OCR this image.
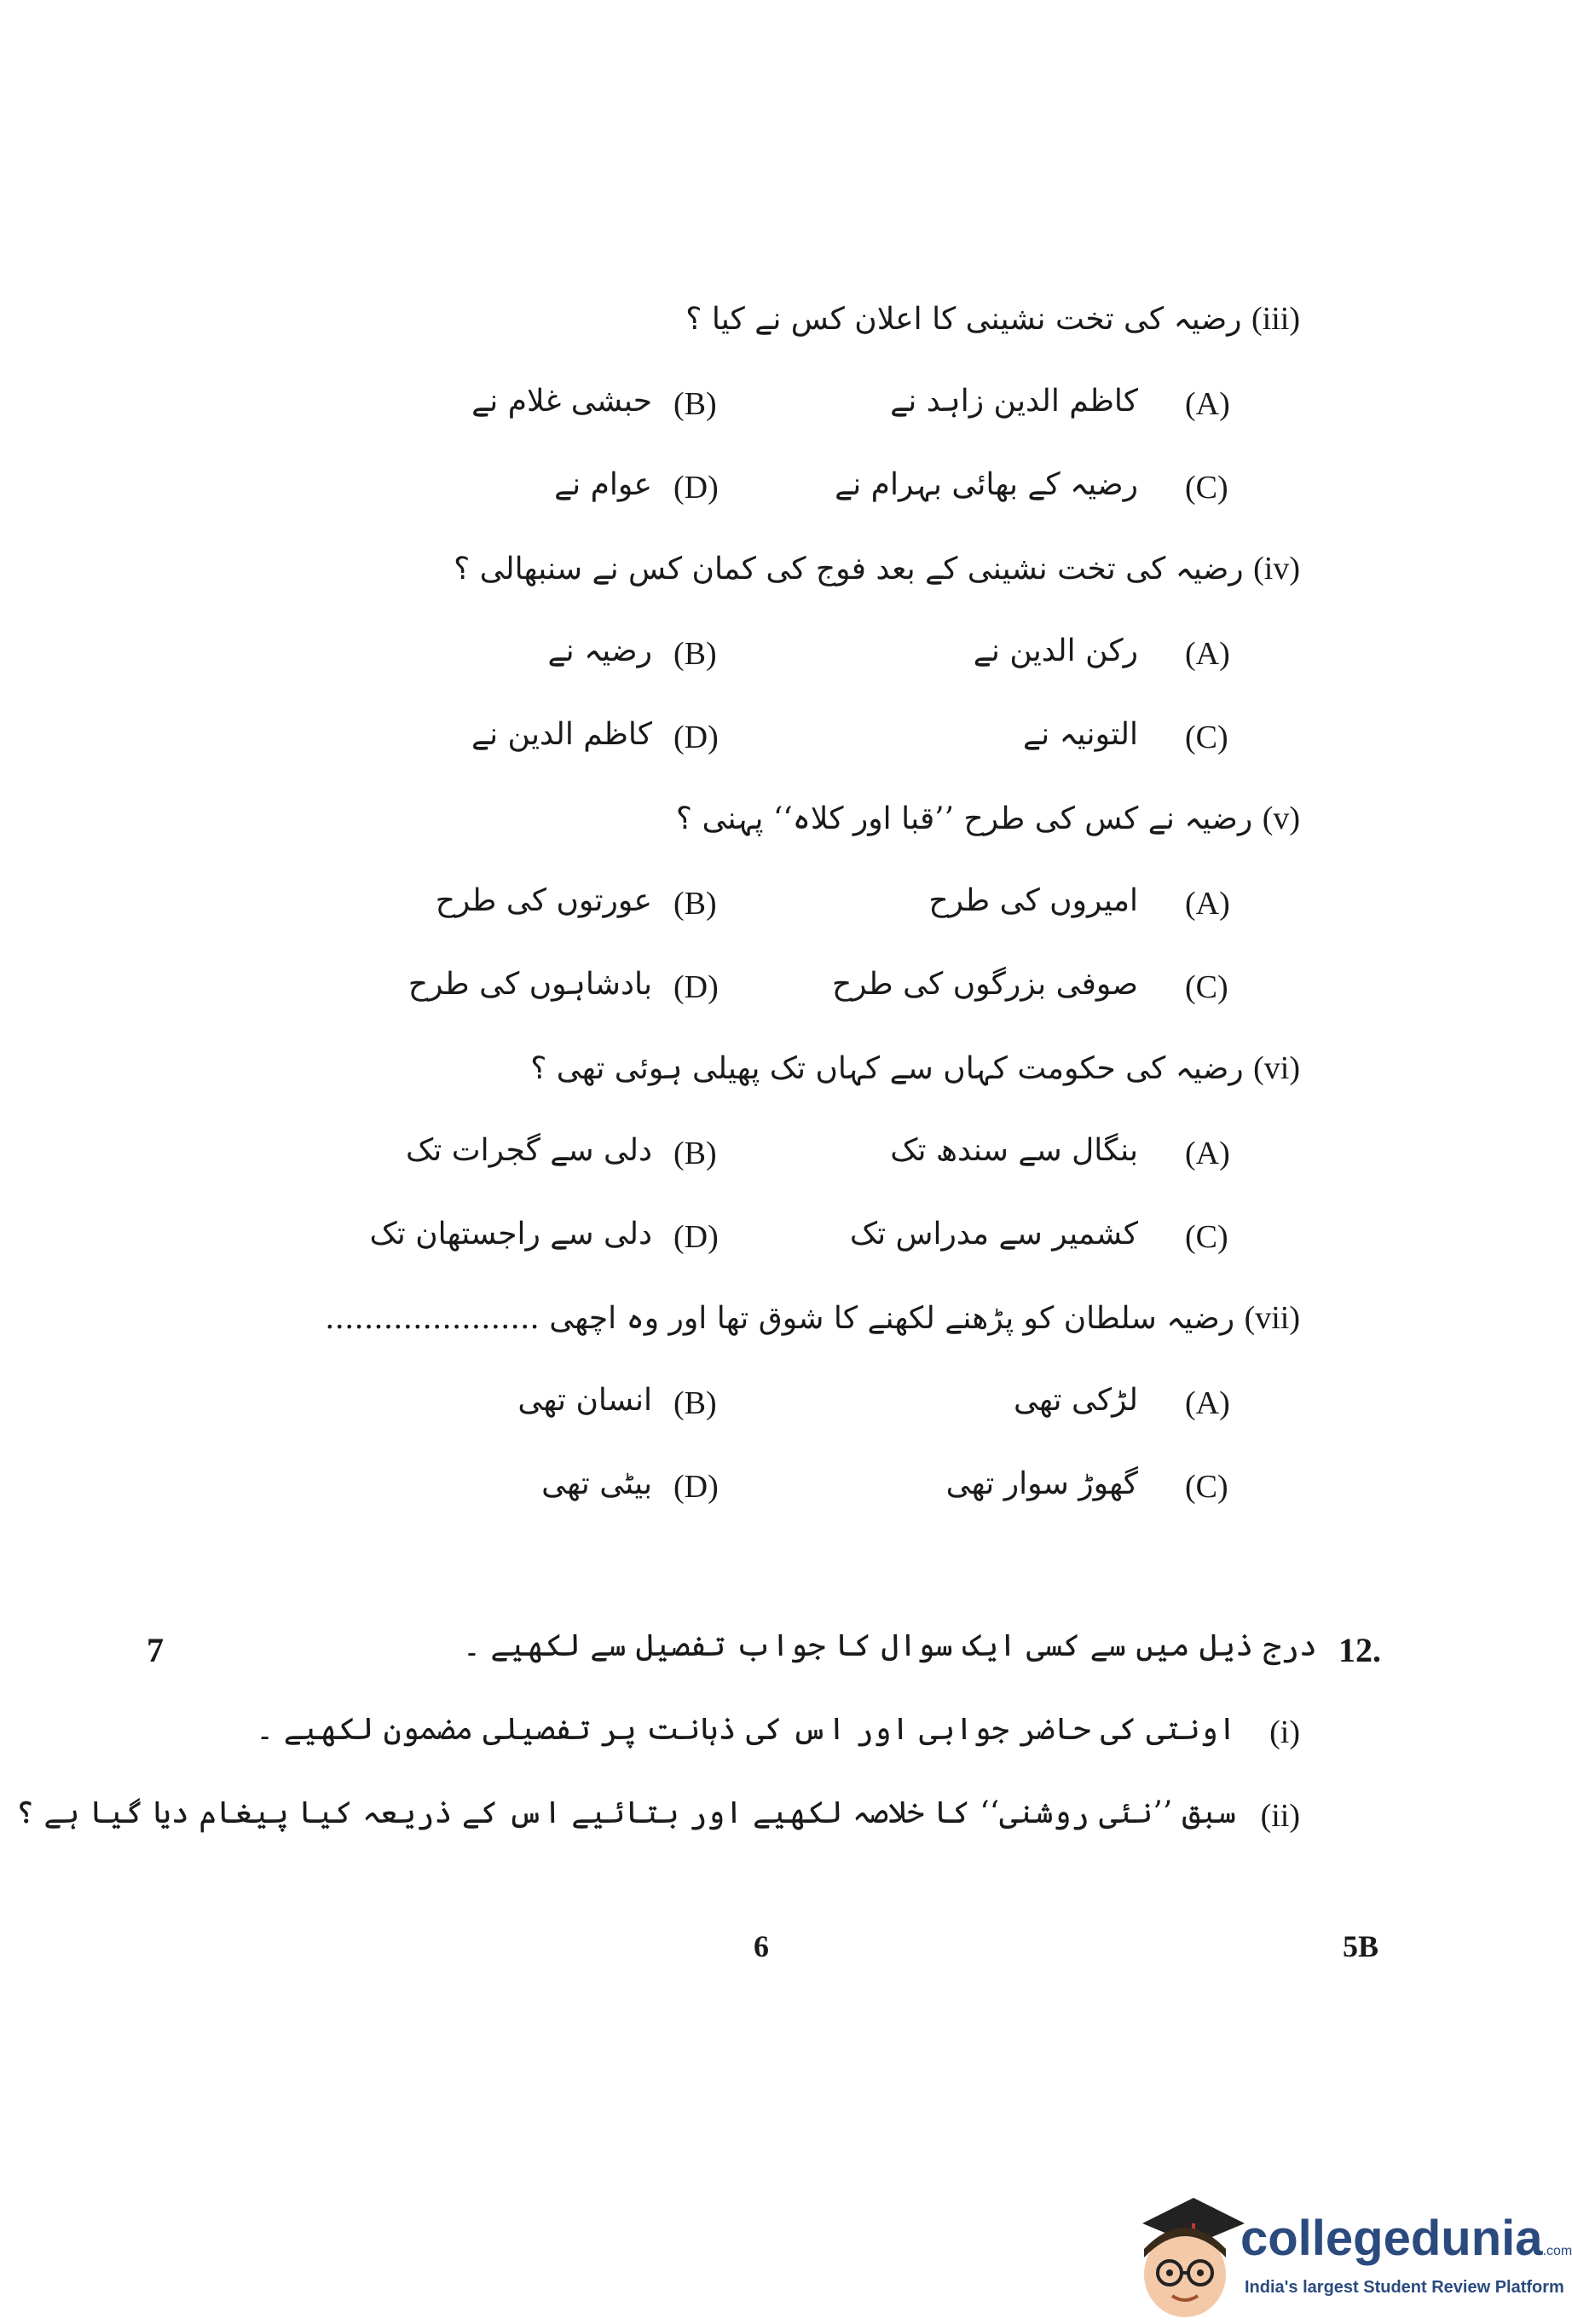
(iii) رضیہ کی تخت نشینی کا اعلان کس نے کیا ؟
(A)
کاظم الدین زاہد نے
(B)
حبشی غلام نے
(C)
رضیہ کے بھائی بہرام نے
(D)
عوام نے
(iv) رضیہ کی تخت نشینی کے بعد فوج کی کمان کس نے سنبھالی ؟
(A)
رکن الدین نے
(B)
رضیہ نے
(C)
التونیہ نے
(D)
کاظم الدین نے
(v) رضیہ نے کس کی طرح ’’قبا اور کلاہ‘‘ پہنی ؟
(A)
امیروں کی طرح
(B)
عورتوں کی طرح
(C)
صوفی بزرگوں کی طرح
(D)
بادشاہوں کی طرح
(vi) رضیہ کی حکومت کہاں سے کہاں تک پھیلی ہوئی تھی ؟
(A)
بنگال سے سندھ تک
(B)
دلی سے گجرات تک
(C)
کشمیر سے مدراس تک
(D)
دلی سے راجستھان تک
(vii) رضیہ سلطان کو پڑھنے لکھنے کا شوق تھا اور وہ اچھی ......................
(A)
لڑکی تھی
(B)
انسان تھی
(C)
گھوڑ سوار تھی
(D)
بیٹی تھی
7	12.
درج ذیل میں سے کسی ایک سوال کا جواب تفصیل سے لکھیے ۔
(i)
اونتی کی حاضر جوابی اور اس کی ذہانت پر تفصیلی مضمون لکھیے ۔
(ii)
سبق ’’نئی روشنی‘‘ کا خلاصہ لکھیے اور بتائیے اس کے ذریعہ کیا پیغام دیا گیا ہے ؟
6	5B
collegedunia.com
India's largest Student Review Platform
